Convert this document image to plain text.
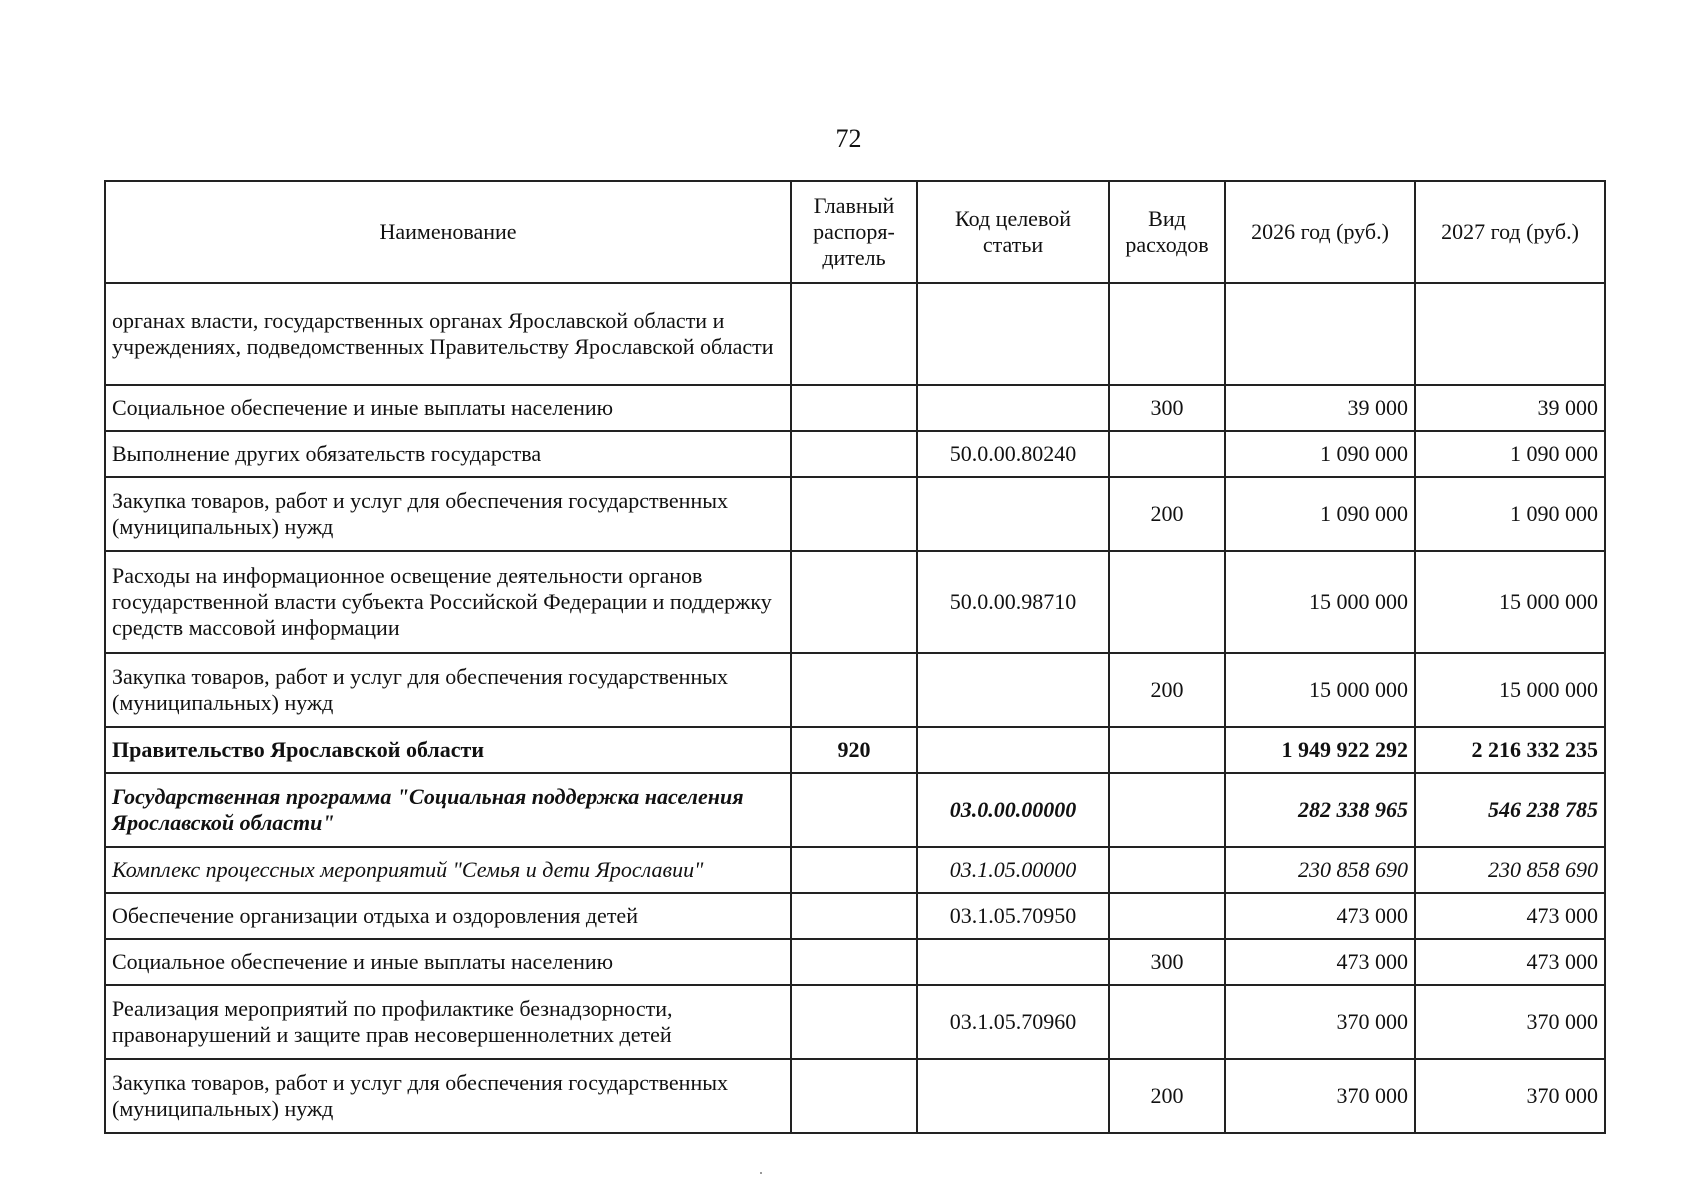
72
Наименование	Главный распоря-дитель	Код целевой статьи	Вид расходов	2026 год (руб.)	2027 год (руб.)
органах власти, государственных органах Ярославской области и учреждениях, подведомственных Правительству Ярославской области					
Социальное обеспечение и иные выплаты населению			300	39 000	39 000
Выполнение других обязательств государства		50.0.00.80240		1 090 000	1 090 000
Закупка товаров, работ и услуг для обеспечения государственных (муниципальных) нужд			200	1 090 000	1 090 000
Расходы на информационное освещение деятельности органов государственной власти субъекта Российской Федерации и поддержку средств массовой информации		50.0.00.98710		15 000 000	15 000 000
Закупка товаров, работ и услуг для обеспечения государственных (муниципальных) нужд			200	15 000 000	15 000 000
Правительство Ярославской области	920			1 949 922 292	2 216 332 235
Государственная программа "Социальная поддержка населения Ярославской области"		03.0.00.00000		282 338 965	546 238 785
Комплекс процессных мероприятий "Семья и дети Ярославии"		03.1.05.00000		230 858 690	230 858 690
Обеспечение организации отдыха и оздоровления детей		03.1.05.70950		473 000	473 000
Социальное обеспечение и иные выплаты населению			300	473 000	473 000
Реализация мероприятий по профилактике безнадзорности, правонарушений и защите прав несовершеннолетних детей		03.1.05.70960		370 000	370 000
Закупка товаров, работ и услуг для обеспечения государственных (муниципальных) нужд			200	370 000	370 000
